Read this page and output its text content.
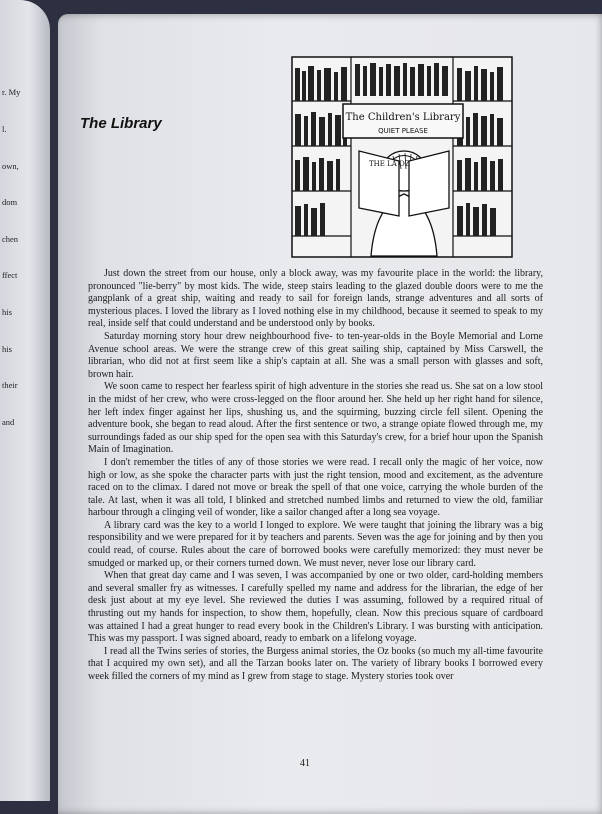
r. My

l.

own,

dom

chen

ffect

his

his

their

and

The Library	The Children's Library
QUIET PLEASE
THE LA OZ

Just down the street from our house, only a block away, was my favourite place in the world: the library, pronounced "lie-berry" by most kids. The wide, steep stairs leading to the glazed double doors were to me the gangplank of a great ship, waiting and ready to sail for foreign lands, strange adventures and all sorts of mysterious places. I loved the library as I loved nothing else in my childhood, because it seemed to speak to my real, inside self that could understand and be understood only by books.

Saturday morning story hour drew neighbourhood five- to ten-year-olds in the Boyle Memorial and Lorne Avenue school areas. We were the strange crew of this great sailing ship, captained by Miss Carswell, the librarian, who did not at first seem like a ship's captain at all. She was a small person with glasses and soft, brown hair.

We soon came to respect her fearless spirit of high adventure in the stories she read us. She sat on a low stool in the midst of her crew, who were cross-legged on the floor around her. She held up her right hand for silence, her left index finger against her lips, shushing us, and the squirming, buzzing circle fell silent. Opening the adventure book, she began to read aloud. After the first sentence or two, a strange opiate flowed through me, my surroundings faded as our ship sped for the open sea with this Saturday's crew, for a brief hour upon the Spanish Main of Imagination.

I don't remember the titles of any of those stories we were read. I recall only the magic of her voice, now high or low, as she spoke the character parts with just the right tension, mood and excitement, as the adventure raced on to the climax. I dared not move or break the spell of that one voice, carrying the whole burden of the tale. At last, when it was all told, I blinked and stretched numbed limbs and returned to view the old, familiar harbour through a clinging veil of wonder, like a sailor changed after a long sea voyage.

A library card was the key to a world I longed to explore. We were taught that joining the library was a big responsibility and we were prepared for it by teachers and parents. Seven was the age for joining and by then you could read, of course. Rules about the care of borrowed books were carefully memorized: they must never be smudged or marked up, or their corners turned down. We must never, never lose our library card.

When that great day came and I was seven, I was accompanied by one or two older, card-holding members and several smaller fry as witnesses. I carefully spelled my name and address for the librarian, the edge of her desk just about at my eye level. She reviewed the duties I was assuming, followed by a required ritual of thrusting out my hands for inspection, to show them, hopefully, clean. Now this precious square of cardboard was attained I had a great hunger to read every book in the Children's Library. I was bursting with anticipation. This was my passport. I was signed aboard, ready to embark on a lifelong voyage.

I read all the Twins series of stories, the Burgess animal stories, the Oz books (so much my all-time favourite that I acquired my own set), and all the Tarzan books later on. The variety of library books I borrowed every week filled the corners of my mind as I grew from stage to stage. Mystery stories took over

41
